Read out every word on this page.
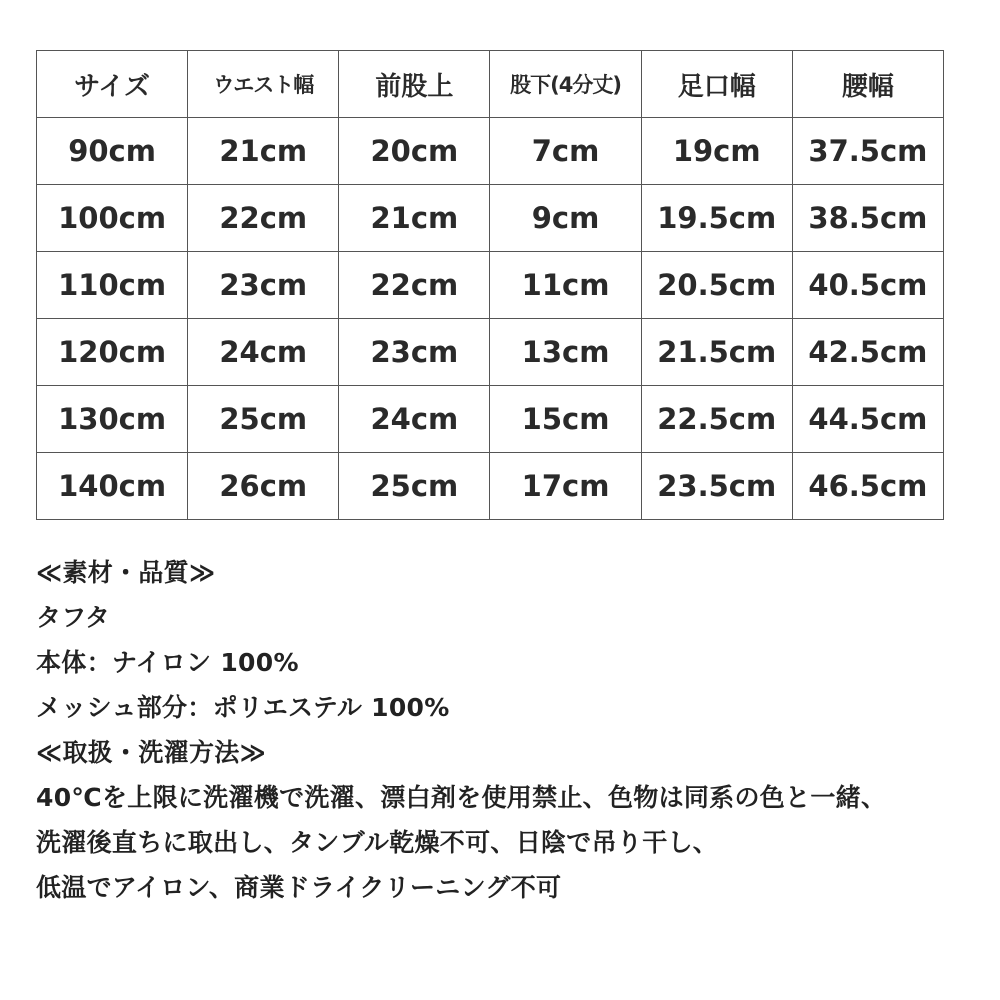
サイズ	ウエスト幅	前股上	股下(4分丈)	足口幅	腰幅
90cm	21cm	20cm	7cm	19cm	37.5cm
100cm	22cm	21cm	9cm	19.5cm	38.5cm
110cm	23cm	22cm	11cm	20.5cm	40.5cm
120cm	24cm	23cm	13cm	21.5cm	42.5cm
130cm	25cm	24cm	15cm	22.5cm	44.5cm
140cm	26cm	25cm	17cm	23.5cm	46.5cm
≪素材・品質≫
タフタ
本体：ナイロン 100%
メッシュ部分：ポリエステル 100%
≪取扱・洗濯方法≫
40℃を上限に洗濯機で洗濯、漂白剤を使用禁止、色物は同系の色と一緒、
洗濯後直ちに取出し、タンブル乾燥不可、日陰で吊り干し、
低温でアイロン、商業ドライクリーニング不可
